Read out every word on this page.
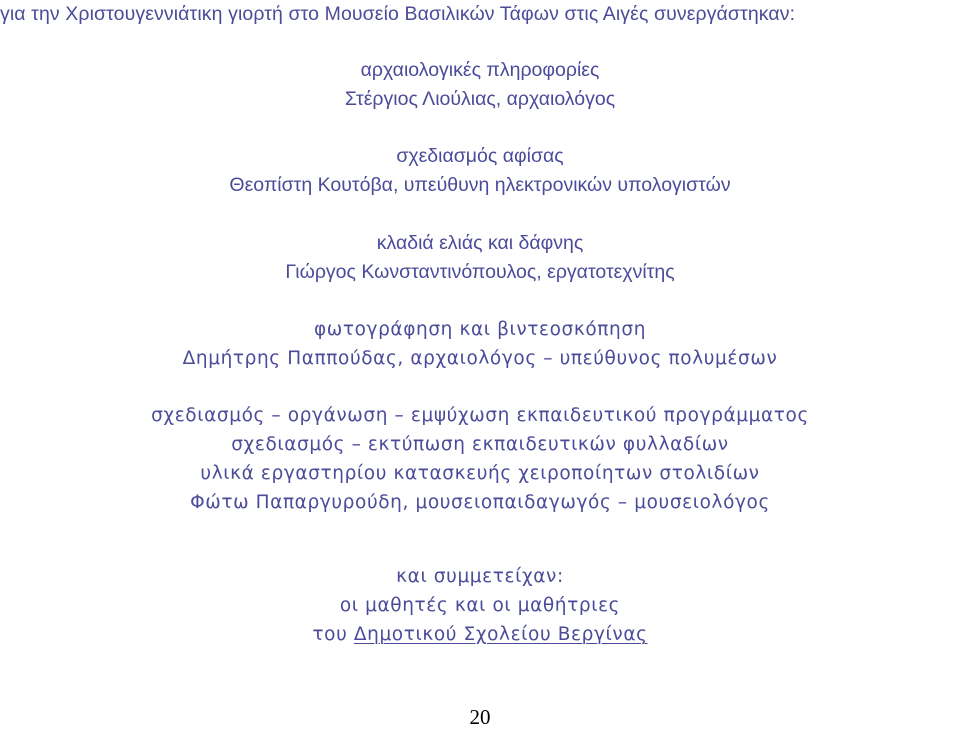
για την Χριστουγεννιάτικη γιορτή στο Μουσείο Βασιλικών Τάφων στις Αιγές συνεργάστηκαν:
αρχαιολογικές πληροφορίες
Στέργιος Λιούλιας, αρχαιολόγος
σχεδιασμός αφίσας
Θεοπίστη Κουτόβα, υπεύθυνη ηλεκτρονικών υπολογιστών
κλαδιά ελιάς και δάφνης
Γιώργος Κωνσταντινόπουλος, εργατοτεχνίτης
φωτογράφηση και βιντεοσκόπηση
Δημήτρης Παππούδας, αρχαιολόγος – υπεύθυνος πολυμέσων
σχεδιασμός – οργάνωση – εμψύχωση εκπαιδευτικού προγράμματος
σχεδιασμός – εκτύπωση εκπαιδευτικών φυλλαδίων
υλικά εργαστηρίου κατασκευής χειροποίητων στολιδίων
Φώτω Παπαργυρούδη, μουσειοπαιδαγωγός – μουσειολόγος
και συμμετείχαν:
οι μαθητές και οι μαθήτριες
του Δημοτικού Σχολείου Βεργίνας
20
